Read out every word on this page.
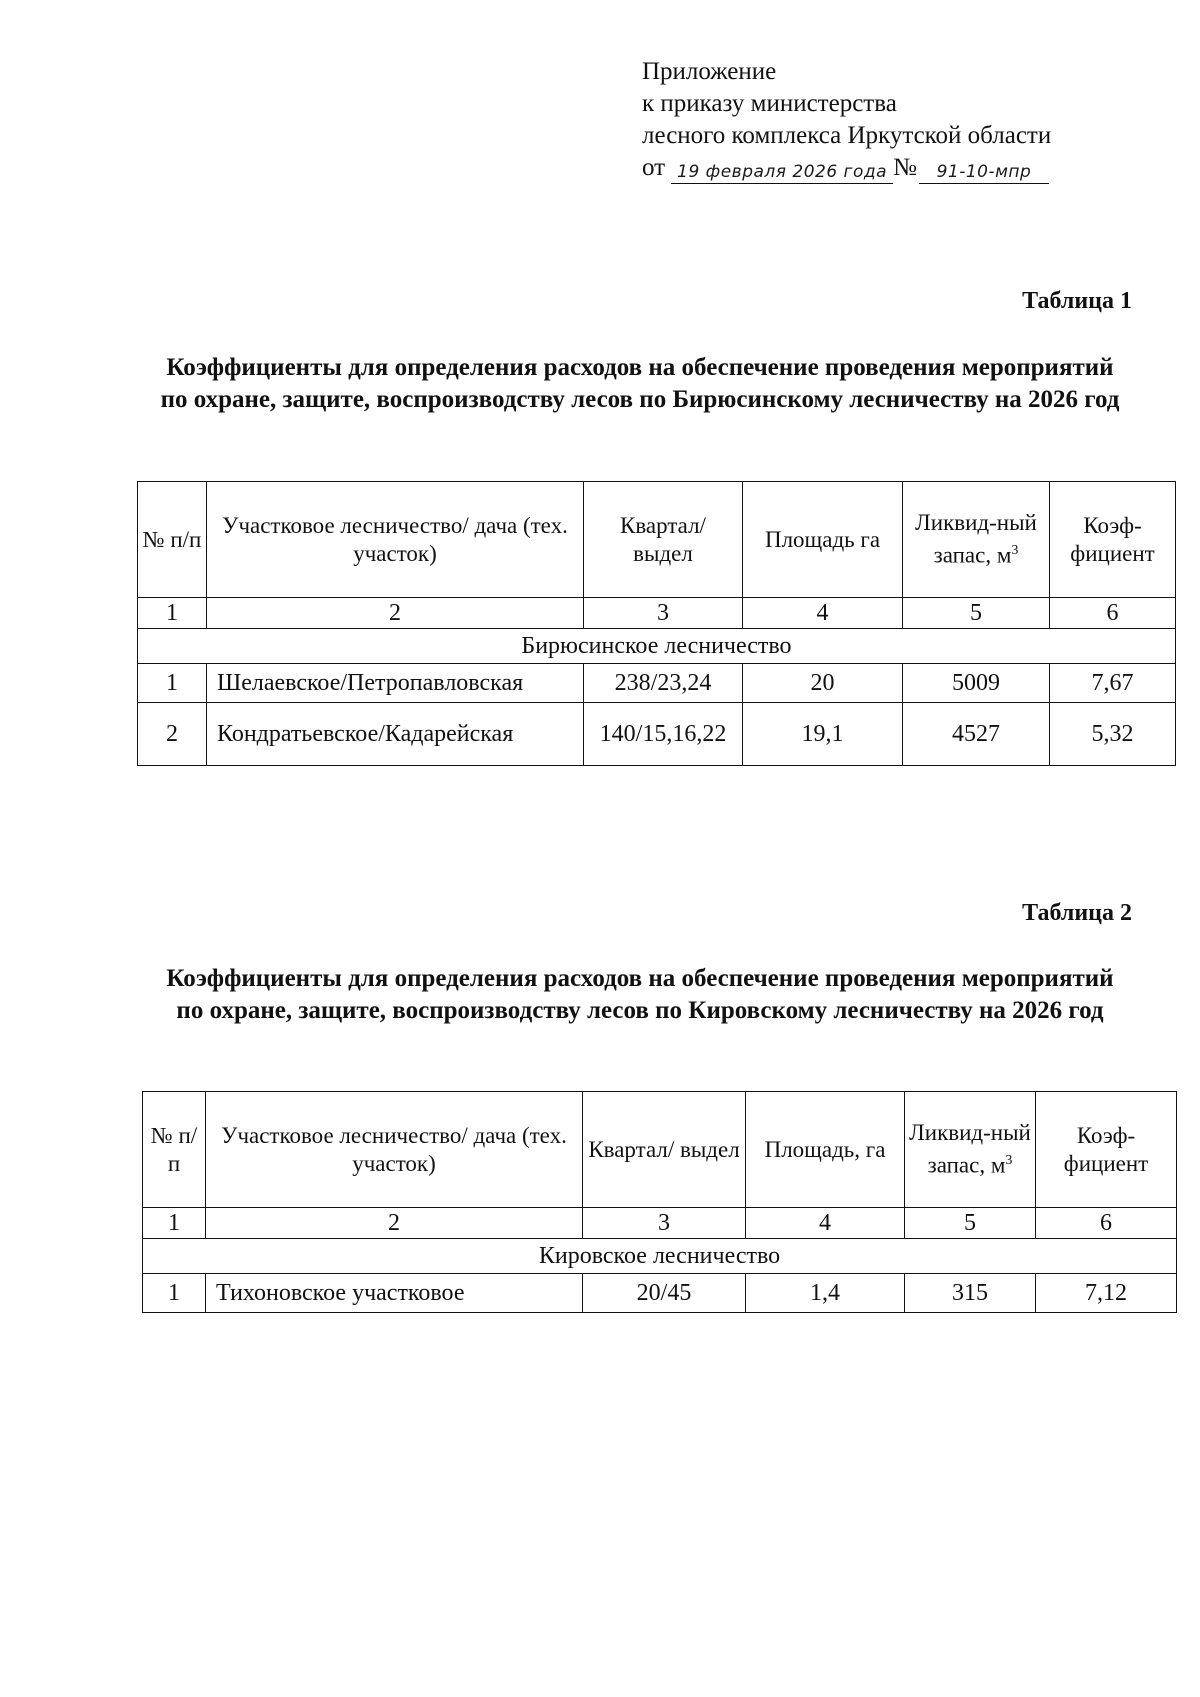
Приложение
к приказу министерства
лесного комплекса Иркутской области
от 19 февраля 2026 года №	91-10-мпр
Таблица 1
Коэффициенты для определения расходов на обеспечение проведения мероприятий по охране, защите, воспроизводству лесов по Бирюсинскому лесничеству на 2026 год
№ п/п	Участковое лесничество/ дача (тех. участок)	Квартал/ выдел	Площадь га	Ликвид-ный запас, $м^3$	Коэф-фициент
1	2	3	4	5	6
Бирюсинское лесничество					
1	Шелаевское/Петропавловская	238/23,24	20	5009	7,67
2	Кондратьевское/Кадарейская	140/15,16,22	19,1	4527	5,32
Таблица 2
Коэффициенты для определения расходов на обеспечение проведения мероприятий по охране, защите, воспроизводству лесов по Кировскому лесничеству на 2026 год
№ п/п	Участковое лесничество/ дача (тех. участок)	Квартал/ выдел	Площадь, га	Ликвид-ный запас, $м^3$	Коэф-фициент
1	2	3	4	5	6
Кировское лесничество					
1	Тихоновское участковое	20/45	1,4	315	7,12
